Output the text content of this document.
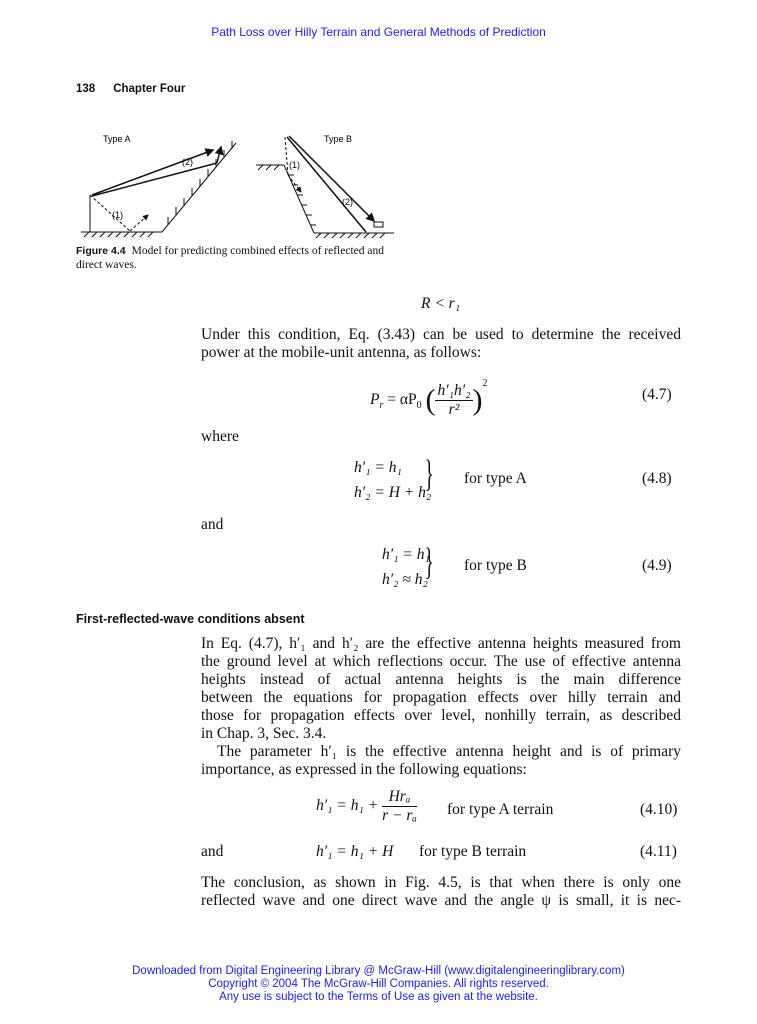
Path Loss over Hilly Terrain and General Methods of Prediction
138 Chapter Four
Type A
(1)
(2)
Type B
(1)
(2)
Figure 4.4 Model for predicting combined effects of reflected and direct waves.
R < r₁
Under this condition, Eq. (3.43) can be used to determine the received
power at the mobile-unit antenna, as follows:
$P_r = \alpha P_0$ ( $\frac{\text{h′₁h′₂}}{\text{r²}} )^2$
(4.7)
where
h′₁ = h₁
h′₂ = H + h₂
} for type A	(4.8)
and
h′₁ = h₁
h′₂ ≈ h₂
} for type B	(4.9)
First-reflected-wave conditions absent
In Eq. (4.7), h′₁ and h′₂ are the effective antenna heights measured from
the ground level at which reflections occur. The use of effective antenna
heights instead of actual antenna heights is the main difference
between the equations for propagation effects over hilly terrain and
those for propagation effects over level, nonhilly terrain, as described
in Chap. 3, Sec. 3.4.
The parameter h′₁ is the effective antenna height and is of primary
importance, as expressed in the following equations:
$h'_1 = h_1 + \frac{\text{Hrₐ}}{\text{r − rₐ}}$ for type A terrain	(4.10)
and	h′₁ = h₁ + H for type B terrain	(4.11)
The conclusion, as shown in Fig. 4.5, is that when there is only one
reflected wave and one direct wave and the angle ψ is small, it is nec-
Downloaded from Digital Engineering Library @ McGraw-Hill (www.digitalengineeringlibrary.com)
Copyright © 2004 The McGraw-Hill Companies. All rights reserved.
Any use is subject to the Terms of Use as given at the website.
